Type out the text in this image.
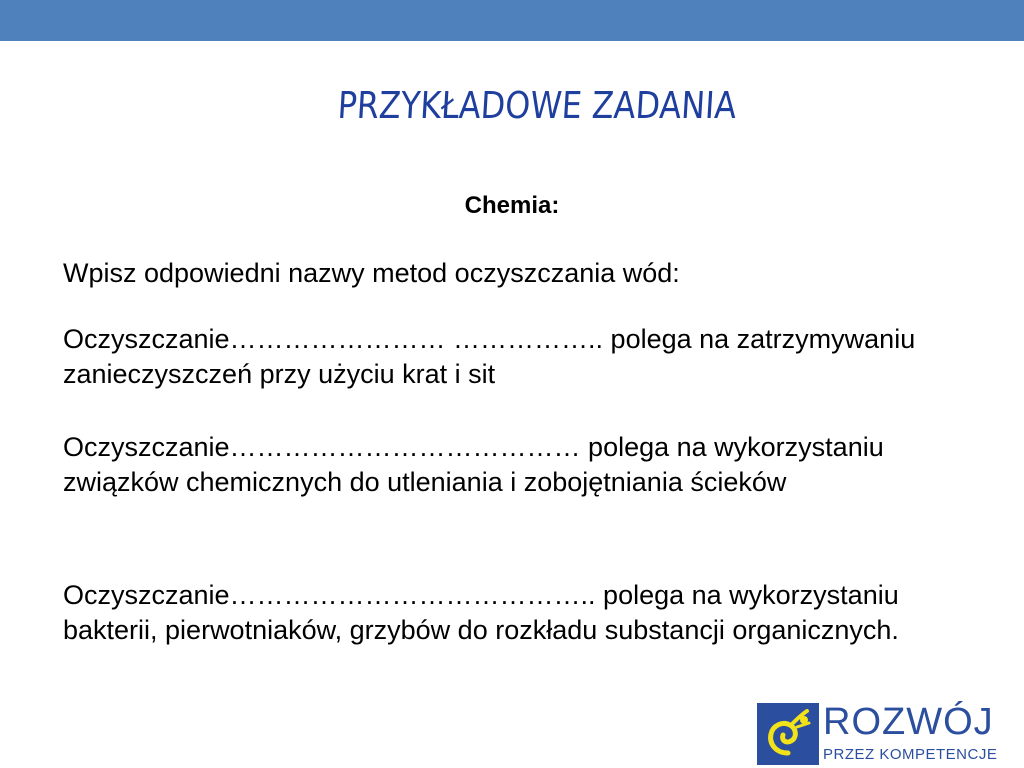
PRZYKŁADOWE ZADANIA
Chemia:
Wpisz odpowiedni nazwy metod oczyszczania wód:
Oczyszczanie…………………… …………….. polega na zatrzymywaniu zanieczyszczeń przy użyciu krat i sit
Oczyszczanie………………………………… polega na wykorzystaniu związków chemicznych do utleniania i zobojętniania ścieków
Oczyszczanie………………………………….. polega na wykorzystaniu bakterii, pierwotniaków, grzybów do rozkładu substancji organicznych.
ROZWÓJ
PRZEZ KOMPETENCJE
